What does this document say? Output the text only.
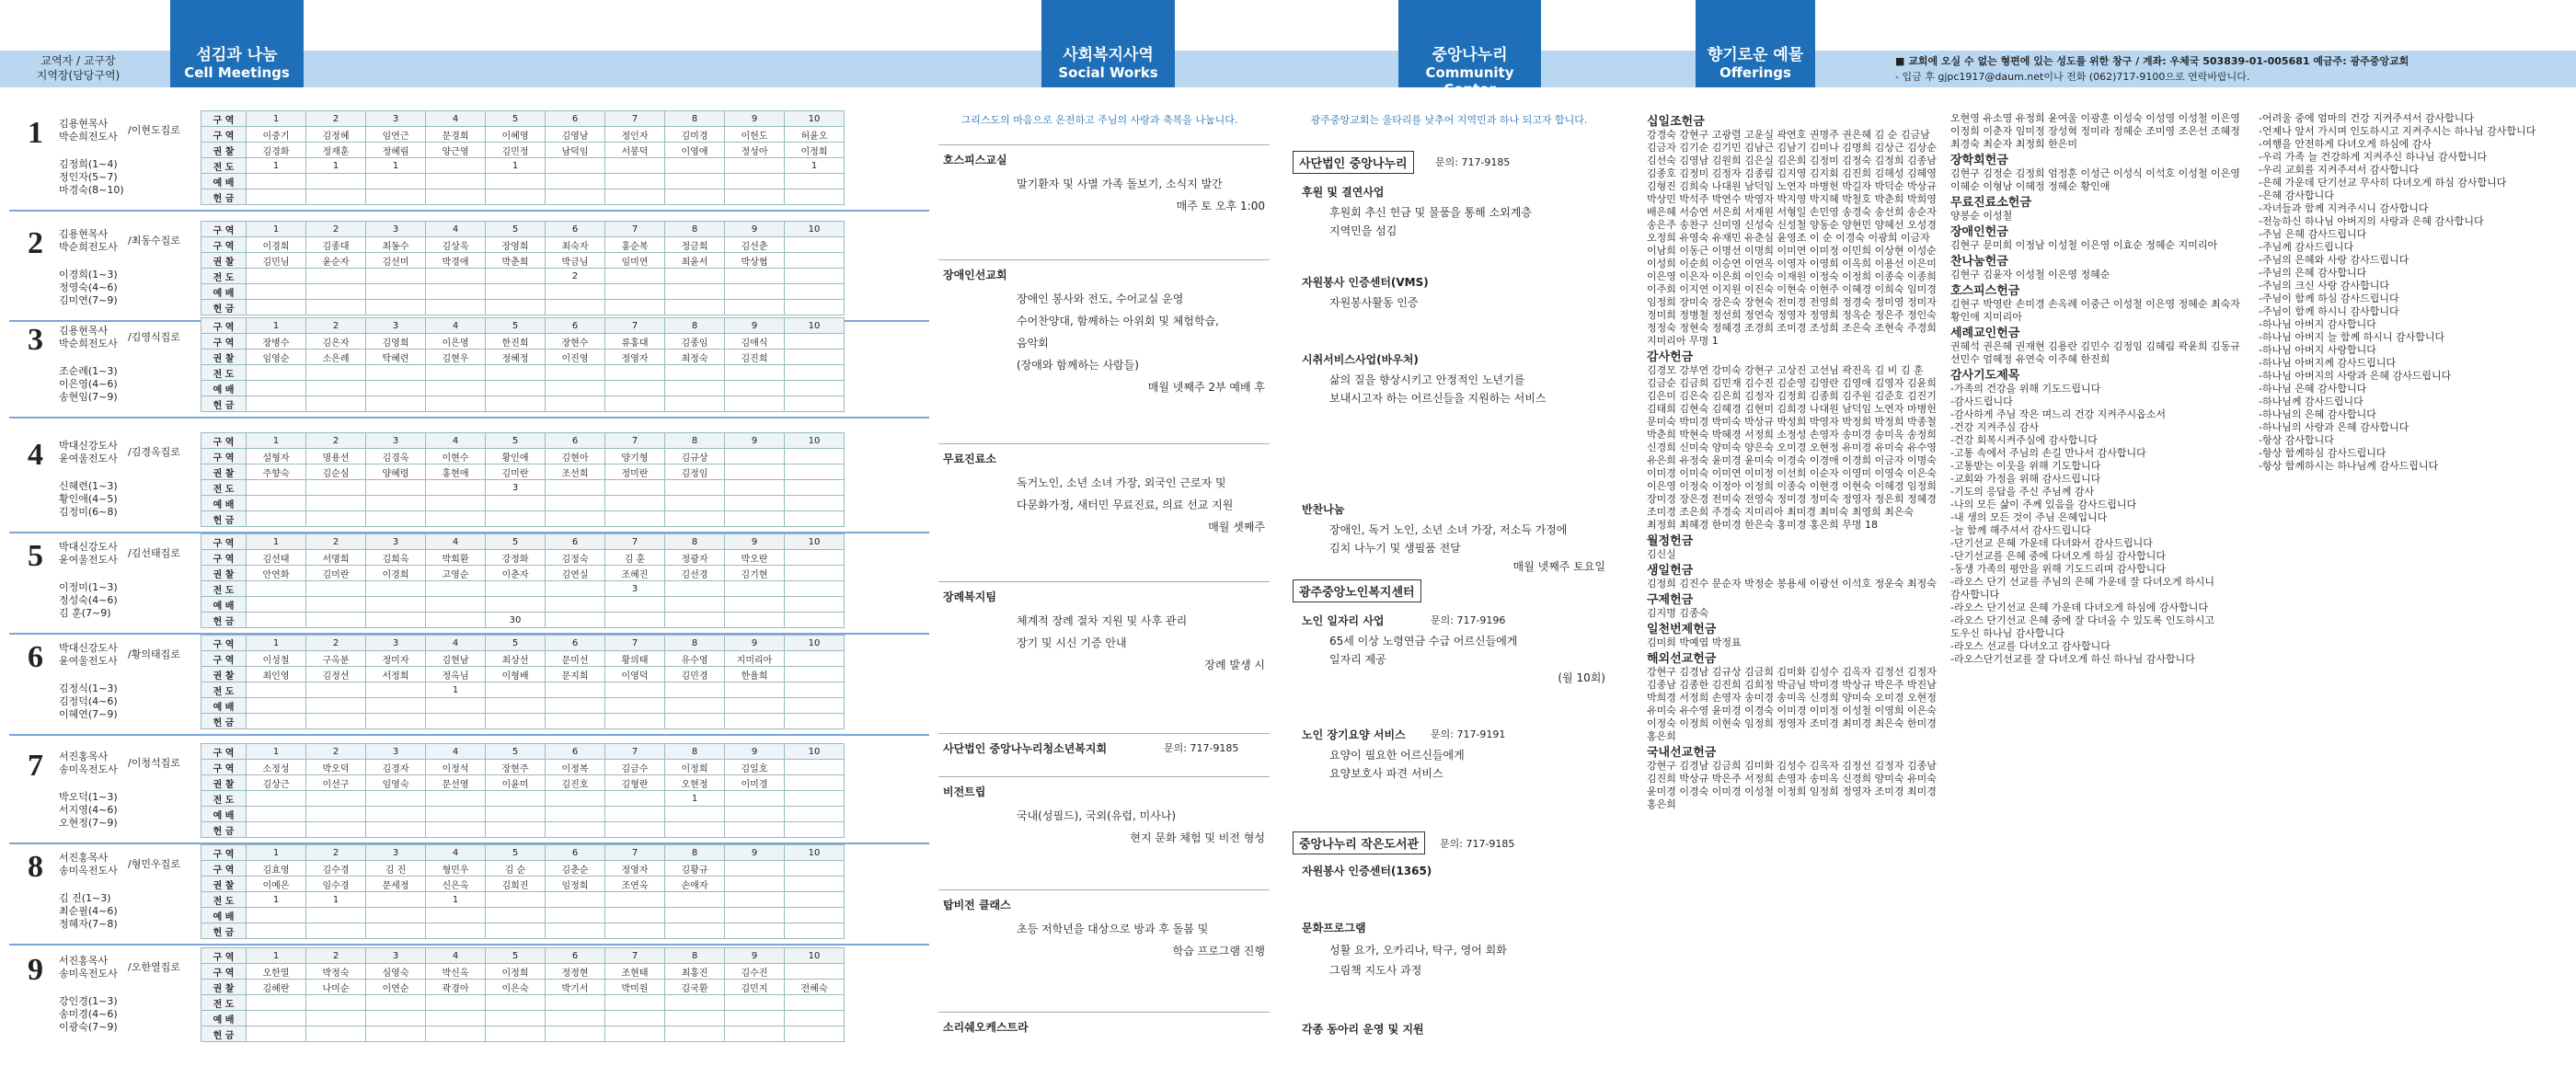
교역자 / 교구장
지역장(담당구역)
섬김과 나눔
Cell Meetings
사회복지사역
Social Works
중앙나누리
Community Center
향기로운 예물
Offerings
■ 교회에 오실 수 없는 형편에 있는 성도를 위한 창구 / 계좌: 우체국 503839-01-005681 예금주: 광주중앙교회
- 입금 후 gjpc1917@daum.net이나 전화 (062)717-9100으로 연락바랍니다.
1 김용현목사
박순희전도사
/이현도집로
김정희(1~4)
정인자(5~7)
마경숙(8~10)
구 역	1	2	3	4	5	6	7	8	9	10
구 역	이중기	김정혜	임연근	문경희	이혜영	김영남	정인자	김미경	이헌도	허윤오
권 찰	김경화	정재훈	정혜림	양근영	김민정	남덕임	서봉덕	이영애	정성아	이정희
전 도	1	1	1		1					1
예 배										
헌 금										
2 김용현목사
박순희전도사
/최동수집로
이경희(1~3)
정영숙(4~6)
김미연(7~9)
구 역	1	2	3	4	5	6	7	8	9	10
구 역	이경희	김종대	최동수	김상욱	장영희	최숙자	홍순복	정금희	김선춘	
권 찰	김민님	윤순자	김선미	박경애	박춘희	박금님	임미연	최윤서	박상협	
전 도						2				
예 배										
헌 금										
3 김용현목사
박순희전도사
/김영식집로
조순례(1~3)
이은영(4~6)
송현임(7~9)
구 역	1	2	3	4	5	6	7	8	9	10
구 역	장병수	김은자	김영희	이은영	한진희	장현수	류홍대	김종임	김애식	
권 찰	임영순	소은례	탁혜련	김현우	정혜정	이진영	정영자	최정숙	김진희	
전 도										
예 배										
헌 금										
4 박대신강도사
윤여울전도사
/김경옥집로
신혜련(1~3)
황인애(4~5)
김정미(6~8)
구 역	1	2	3	4	5	6	7	8	9	10
구 역	설형자	명용선	김경옥	이현수	황인애	김현아	양기형	김규상		
권 찰	주향숙	김순심	양혜령	홍현애	김미란	조선희	정미란	김정임		
전 도					3					
예 배										
헌 금										
5 박대신강도사
윤여울전도사
/김선태집로
이정미(1~3)
정성숙(4~6)
김 훈(7~9)
구 역	1	2	3	4	5	6	7	8	9	10
구 역	김선태	서명희	김희옥	박희환	강정화	김정숙	김 훈	정광자	박오란	
권 찰	안연화	김미란	이경희	고영순	이춘자	김연실	조혜진	김선경	김기현	
전 도							3			
예 배										
헌 금					30					
6 박대신강도사
윤여울전도사
/황의태집로
김정식(1~3)
김정덕(4~6)
이혜연(7~9)
구 역	1	2	3	4	5	6	7	8	9	10
구 역	이성철	구옥분	정미자	김현남	최상선	문미선	황의태	유수영	지미리아	
권 찰	최인영	김정선	서정희	정옥님	이형배	문지희	이영덕	김민경	한율희	
전 도				1						
예 배										
헌 금										
7 서진홍목사
송미옥전도사
/이청석집로
박오덕(1~3)
서지영(4~6)
오현정(7~9)
구 역	1	2	3	4	5	6	7	8	9	10
구 역	소정성	박오덕	김경자	이정석	장현주	이정복	김금수	이정희	김일호	
권 찰	김상근	이선구	임영숙	문선영	이윤미	김진호	김형란	오현정	이미경	
전 도								1		
예 배										
헌 금										
8 서진홍목사
송미옥전도사
/형민우집로
김 진(1~3)
최순필(4~6)
정혜자(7~8)
구 역	1	2	3	4	5	6	7	8	9	10
구 역	김효영	김수경	김 진	형민우	김 순	김춘순	정영자	김황규		
권 찰	이예은	임수경	문세정	신은옥	김희진	임정희	조연옥	손애자		
전 도	1	1		1						
예 배										
헌 금										
9 서진홍목사
송미옥전도사
/오한열집로
강인경(1~3)
송미경(4~6)
이광숙(7~9)
구 역	1	2	3	4	5	6	7	8	9	10
구 역	오한열	박정숙	심영숙	박신옥	이정희	정정현	조현태	최홍진	김수진	
권 찰	김혜란	나미순	이연순	곽경아	이은숙	박기서	박미원	김국환	김민지	전혜숙
전 도										
예 배										
헌 금										
그리스도의 마음으로 온전하고 주님의 사랑과 축복을 나눕니다.
호스피스교실
말기환자 및 사별 가족 돌보기, 소식지 발간
매주 토 오후 1:00
장애인선교회
장애인 봉사와 전도, 수어교실 운영
수어찬양대, 함께하는 아위회 및 체험학습,
음악회
(장애와 함께하는 사람들)
매월 넷째주 2부 예배 후
무료진료소
독거노인, 소년 소녀 가장, 외국인 근로자 및
다문화가정, 새터민 무료진료, 의료 선교 지원
매월 셋째주
장례복지팀
체계적 장례 절차 지원 및 사후 관리
장기 및 시신 기증 안내
장례 발생 시
사단법인 중앙나누리청소년복지회	문의: 717-9185
비전트립
국내(성필드), 국외(유럽, 미사나)
현지 문화 체험 및 비전 형성
탑비전 클래스
초등 저학년을 대상으로 방과 후 돌봄 및
학습 프로그램 진행
소리쉐오케스트라
광주중앙교회는 울타리를 낮추어 지역민과 하나 되고자 합니다.
사단법인 중앙나누리	문의: 717-9185
후원 및 결연사업
후원회 추신 헌금 및 물품을 통해 소외계층
지역민을 섬김
자원봉사 인증센터(VMS)
자원봉사활동 인증
시취서비스사업(바우처)
삶의 질을 향상시키고 안정적인 노년기를
보내시고자 하는 어르신들을 지원하는 서비스
반찬나눔
장애인, 독거 노인, 소년 소녀 가장, 저소득 가정에
김치 나누기 및 생필품 전달
매월 넷째주 토요일
광주중앙노인복지센터
노인 일자리 사업	문의: 717-9196
65세 이상 노령연금 수급 어르신들에게
일자리 제공
(월 10회)
노인 장기요양 서비스 문의: 717-9191
요양이 필요한 어르신들에게
요양보호사 파견 서비스
중앙나누리 작은도서관	문의: 717-9185
자원봉사 인증센터(1365)
문화프로그램
성활 요가, 오카리나, 탁구, 영어 회화
그림책 지도사 과정
각종 동아리 운영 및 지원
십일조헌금
강경숙 강현구 고광렬 고운실 곽연호 권명주 권은혜 김 순 김금남 김금자 김기순 김기민 김남근 김남기 김미나 김명희 김상근 김상순 김선숙 김영남 김원희 김은실 김은희 김정미 김정숙 김정희 김종남 김종호 김정미 김정자 김종림 김지영 김지회 김진희 김해성 김혜영 김형진 김희숙 나대원 남덕임 노연자 마병헌 박길자 박덕순 박상규 박상민 박석주 박연수 박영자 박지영 박지혜 박철호 박춘희 박희영 배은혜 서승연 서은희 서재원 서형일 손민영 송경숙 송선희 송순자 송은주 송찬구 신미영 신성숙 신성철 양동순 양현민 양혜선 오성경 오정희 유영숙 유재민 유춘심 윤영조 이 순 이경숙 이광희 이금자 이남희 이동근 이명선 이명희 이미연 이미정 이민희 이상현 이성순 이성희 이순희 이승연 이연옥 이영자 이영희 이옥희 이용선 이은미 이은영 이은자 이은희 이인숙 이재원 이정숙 이정희 이종숙 이종희 이주희 이지연 이지원 이진숙 이현숙 이현주 이혜경 이희숙 임미경 임정희 장미숙 장은숙 장현숙 전미경 전영희 정경숙 정미영 정미자 정미희 정병철 정선희 정연숙 정영자 정영희 정옥순 정은주 정인숙 정정숙 정현숙 정혜경 조경희 조미경 조성희 조은숙 조현숙 주경희 지미리아 무명 1
감사헌금
김경모 강부연 강미숙 강현구 고상진 고선님 곽진옥 김 비 김 훈 김금순 김금희 김민재 김수진 김순영 김영란 김영애 김영자 김윤희 김은미 김은숙 김은희 김정자 김정희 김종희 김주원 김준호 김진기 김태희 김현숙 김혜경 김현미 김희경 나대원 남덕임 노연자 마병헌 문미숙 박미경 박미숙 박상규 박성희 박영자 박정희 박정희 박종철 박춘희 박현숙 박혜경 서정희 소정성 손영자 송미경 송미옥 송정희 신경희 신미숙 양미숙 양은숙 오미경 오현정 유미경 유미숙 유수영 유은희 유정숙 윤미경 윤미숙 이경숙 이경애 이경희 이금자 이명숙 이미경 이미숙 이미연 이미정 이선희 이순자 이영미 이영숙 이은숙 이은영 이정숙 이정아 이정희 이종숙 이현경 이현숙 이혜경 임정희 장미경 장은경 전미숙 전영숙 정미경 정미숙 정영자 정은희 정혜경 조미경 조은희 주경숙 지미리아 최미경 최미숙 최영희 최은숙 최정희 최혜경 한미경 한은숙 홍미경 홍은희 무명 18
월정헌금
김신실
생일헌금
김정희 김진수 문순자 박정순 봉용세 이광선 이석호 정운숙 최정숙
구제헌금
김지명 김종숙
일천번제헌금
김미희 박예엽 박정표
해외선교헌금
강현구 김경남 김규상 김금희 김미화 김성수 김옥자 김정선 김정자 김종남 김종한 김진희 김희정 박금님 박미경 박상규 박은주 박진남 박희경 서정희 손영자 송미경 송미옥 신경희 양미숙 오미경 오현정 유미숙 유수영 윤미경 이경숙 이미경 이미정 이성철 이영희 이은숙 이정숙 이정희 이현숙 임정희 정영자 조미경 최미경 최은숙 한미경 홍은희
국내선교헌금
강현구 김경남 김금희 김미화 김성수 김옥자 김정선 김정자 김종남 김진희 박상규 박은주 서정희 손영자 송미옥 신경희 양미숙 유미숙 윤미경 이경숙 이미경 이성철 이정희 임정희 정영자 조미경 최미경 홍은희
오현영 유소영 유정희 윤여울 이광훈 이성숙 이성영 이성철 이은영 이정희 이춘자 임미정 장성혁 정미라 정혜순 조미영 조은선 조혜정 최경숙 최순자 최정희 한은미
장학회헌금
김현구 김정순 김정희 엄정훈 이성근 이성식 이석호 이성철 이은영 이혜순 이형남 이혜정 정혜순 황인애
무료진료소헌금
양봉순 이성철
장애인헌금
김현구 문미희 이정남 이성철 이은영 이효순 정혜순 지미리아
찬나눔헌금
김현구 김윤자 이성철 이은영 정혜순
호스피스헌금
김현구 박영란 손미경 손옥례 이중근 이성철 이은영 정혜순 최숙자 황인애 지미리아
세례교인헌금
권혜석 권은혜 권재현 김용란 김민수 김정임 김혜림 곽윤희 김동규 선민수 엄혜정 유연숙 이주혜 한진희
감사기도제목
-가족의 건강을 위해 기도드립니다
-감사드립니다
-감사하게 주님 작은 며느리 건강 지켜주시옵소서
-건강 지켜주심 감사
-건강 회복시켜주심에 감사합니다
-고통 속에서 주님의 손길 만나서 감사합니다
-고통받는 이웃을 위해 기도합니다
-교회와 가정을 위해 감사드립니다
-기도의 응답을 주신 주님께 감사
-나의 모든 삶이 주께 있음을 감사드립니다
-내 생의 모든 것이 주님 은혜입니다
-늘 함께 해주셔서 감사드립니다
-단기선교 은혜 가운데 다녀와서 감사드립니다
-단기선교를 은혜 중에 다녀오게 하심 감사합니다
-동생 가족의 평안을 위해 기도드리며 감사합니다
-라오스 단기 선교를 주님의 은혜 가운데 잘 다녀오게 하시니 감사합니다
-라오스 단기선교 은혜 가운데 다녀오게 하심에 감사합니다
-라오스 단기선교 은혜 중에 잘 다녀올 수 있도록 인도하시고 도우신 하나님 감사합니다
-라오스 선교를 다녀오고 감사합니다
-라오스단기선교를 잘 다녀오게 하신 하나님 감사합니다
-어려울 중에 엄마의 건강 지켜주셔서 감사합니다
-언제나 앞서 가시며 인도하시고 지켜주시는 하나님 감사합니다
-여행을 안전하게 다녀오게 하심에 감사
-우리 가족 늘 건강하게 지켜주신 하나님 감사합니다
-우리 교회를 지켜주셔서 감사합니다
-은혜 가운데 단기선교 무사히 다녀오게 하심 감사합니다
-은혜 감사합니다
-자녀들과 함께 지켜주시니 감사합니다
-전능하신 하나님 아버지의 사랑과 은혜 감사합니다
-주님 은혜 감사드립니다
-주님께 감사드립니다
-주님의 은혜와 사랑 감사드립니다
-주님의 은혜 감사합니다
-주님의 크신 사랑 감사합니다
-주님이 함께 하심 감사드립니다
-주님이 함께 하시니 감사합니다
-하나님 아버지 감사합니다
-하나님 아버지 늘 함께 하시니 감사합니다
-하나님 아버지 사랑합니다
-하나님 아버지께 감사드립니다
-하나님 아버지의 사랑과 은혜 감사드립니다
-하나님 은혜 감사합니다
-하나님께 감사드립니다
-하나님의 은혜 감사합니다
-하나님의 사랑과 은혜 감사합니다
-항상 감사합니다
-항상 함께하심 감사드립니다
-항상 함께하시는 하나님께 감사드립니다
